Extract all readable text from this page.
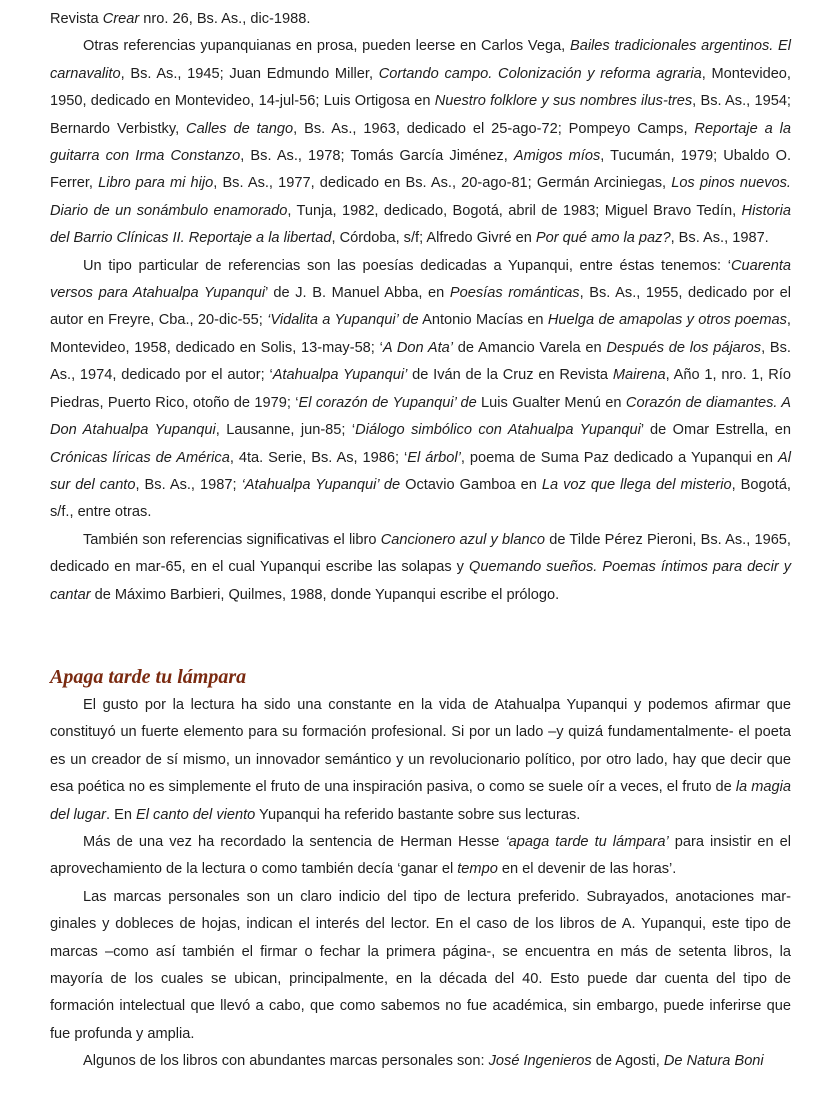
Revista Crear nro. 26, Bs. As., dic-1988.

Otras referencias yupanquianas en prosa, pueden leerse en Carlos Vega, Bailes tradicionales argentinos. El carnavalito, Bs. As., 1945; Juan Edmundo Miller, Cortando campo. Colonización y reforma agraria, Montevideo, 1950, dedicado en Montevideo, 14-jul-56; Luis Ortigosa en Nuestro folklore y sus nombres ilus-tres, Bs. As., 1954; Bernardo Verbistky, Calles de tango, Bs. As., 1963, dedicado el 25-ago-72; Pompeyo Camps, Reportaje a la guitarra con Irma Constanzo, Bs. As., 1978; Tomás García Jiménez, Amigos míos, Tucumán, 1979; Ubaldo O. Ferrer, Libro para mi hijo, Bs. As., 1977, dedicado en Bs. As., 20-ago-81; Germán Arciniegas, Los pinos nuevos. Diario de un sonámbulo enamorado, Tunja, 1982, dedicado, Bogotá, abril de 1983; Miguel Bravo Tedín, Historia del Barrio Clínicas II. Reportaje a la libertad, Córdoba, s/f; Alfredo Givré en Por qué amo la paz?, Bs. As., 1987.

Un tipo particular de referencias son las poesías dedicadas a Yupanqui, entre éstas tenemos: ‘Cuarenta versos para Atahualpa Yupanqui’ de J. B. Manuel Abba, en Poesías románticas, Bs. As., 1955, dedicado por el autor en Freyre, Cba., 20-dic-55; ‘Vidalita a Yupanqui’ de Antonio Macías en Huelga de amapolas y otros poemas, Montevideo, 1958, dedicado en Solis, 13-may-58; ‘A Don Ata’ de Amancio Varela en Después de los pájaros, Bs. As., 1974, dedicado por el autor; ‘Atahualpa Yupanqui’ de Iván de la Cruz en Revista Mairena, Año 1, nro. 1, Río Piedras, Puerto Rico, otoño de 1979; ‘El corazón de Yupanqui’ de Luis Gualter Menú en Corazón de diamantes. A Don Atahualpa Yupanqui, Lausanne, jun-85; ‘Diálogo simbólico con Atahualpa Yupanqui’ de Omar Estrella, en Crónicas líricas de América, 4ta. Serie, Bs. As, 1986; ‘El árbol’, poema de Suma Paz dedicado a Yupanqui en Al sur del canto, Bs. As., 1987; ‘Atahualpa Yupanqui’ de Octavio Gamboa en La voz que llega del misterio, Bogotá, s/f., entre otras.

También son referencias significativas el libro Cancionero azul y blanco de Tilde Pérez Pieroni, Bs. As., 1965, dedicado en mar-65, en el cual Yupanqui escribe las solapas y Quemando sueños. Poemas íntimos para decir y cantar de Máximo Barbieri, Quilmes, 1988, donde Yupanqui escribe el prólogo.

Apaga tarde tu lámpara

El gusto por la lectura ha sido una constante en la vida de Atahualpa Yupanqui y podemos afirmar que constituyó un fuerte elemento para su formación profesional. Si por un lado –y quizá fundamentalmente- el poeta es un creador de sí mismo, un innovador semántico y un revolucionario político, por otro lado, hay que decir que esa poética no es simplemente el fruto de una inspiración pasiva, o como se suele oír a veces, el fruto de la magia del lugar. En El canto del viento Yupanqui ha referido bastante sobre sus lecturas.

Más de una vez ha recordado la sentencia de Herman Hesse ‘apaga tarde tu lámpara’ para insistir en el aprovechamiento de la lectura o como también decía ‘ganar el tempo en el devenir de las horas’.

Las marcas personales son un claro indicio del tipo de lectura preferido. Subrayados, anotaciones mar-ginales y dobleces de hojas, indican el interés del lector. En el caso de los libros de A. Yupanqui, este tipo de marcas –como así también el firmar o fechar la primera página-, se encuentra en más de setenta libros, la mayoría de los cuales se ubican, principalmente, en la década del 40. Esto puede dar cuenta del tipo de formación intelectual que llevó a cabo, que como sabemos no fue académica, sin embargo, puede inferirse que fue profunda y amplia.

Algunos de los libros con abundantes marcas personales son: José Ingenieros de Agosti, De Natura Boni
